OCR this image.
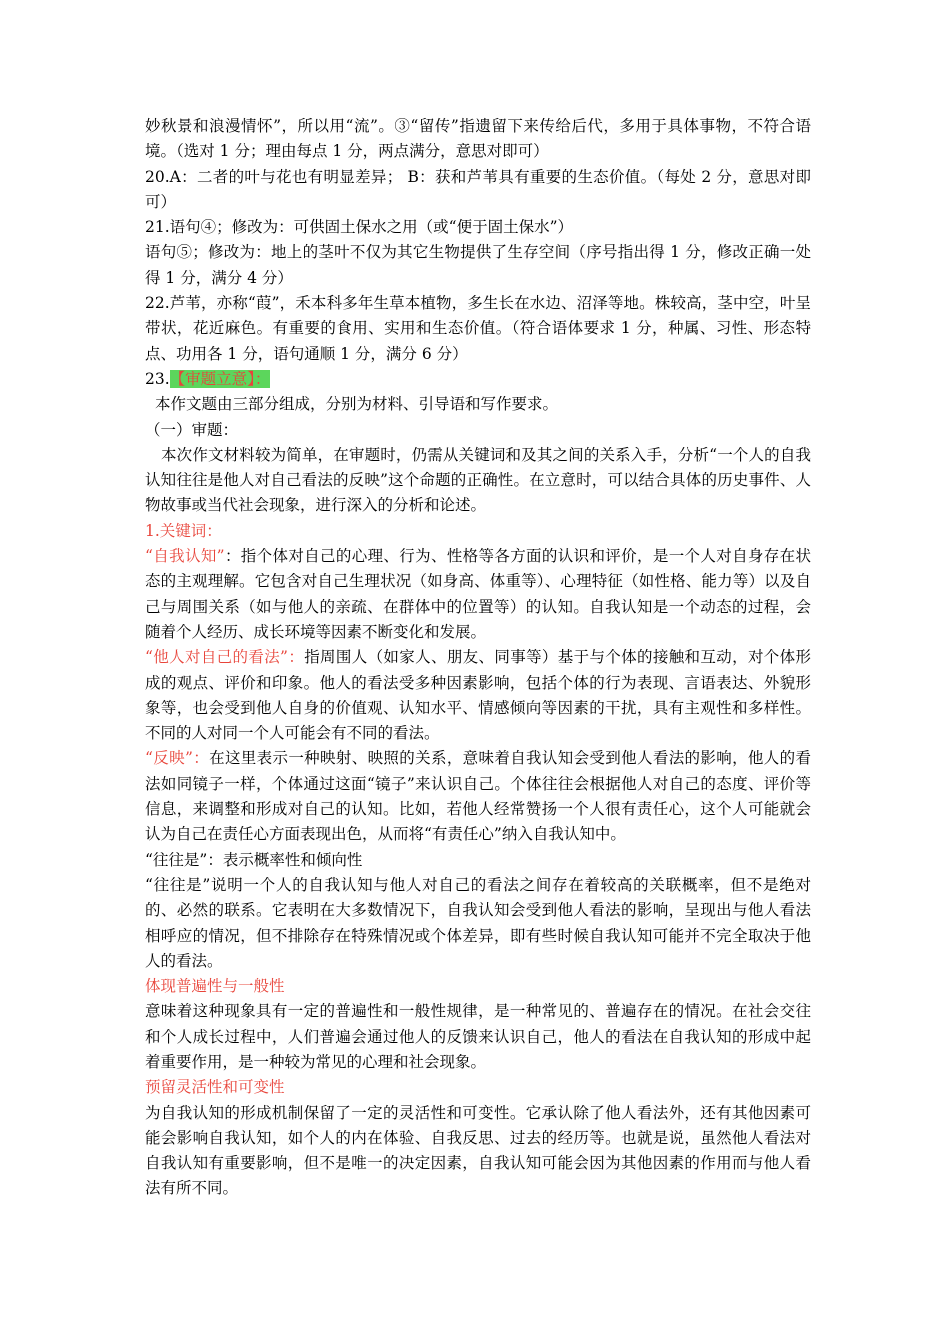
妙秋景和浪漫情怀”，所以用“流”。③“留传”指遗留下来传给后代，多用于具体事物，不符合语境。（选对 1 分；理由每点 1 分，两点满分，意思对即可）

20.A：二者的叶与花也有明显差异； B：获和芦苇具有重要的生态价值。（每处 2 分，意思对即可）

21.语句④；修改为：可供固土保水之用（或“便于固土保水”）

语句⑤；修改为：地上的茎叶不仅为其它生物提供了生存空间（序号指出得 1 分，修改正确一处得 1 分，满分 4 分）

22.芦苇，亦称“葭”，禾本科多年生草本植物，多生长在水边、沼泽等地。株较高，茎中空，叶呈带状，花近麻色。有重要的食用、实用和生态价值。（符合语体要求 1 分，种属、习性、形态特点、功用各 1 分，语句通顺 1 分，满分 6 分）

23.【审题立意】：

本作文题由三部分组成，分别为材料、引导语和写作要求。

（一）审题：

本次作文材料较为简单，在审题时，仍需从关键词和及其之间的关系入手，分析“一个人的自我认知往往是他人对自己看法的反映”这个命题的正确性。在立意时，可以结合具体的历史事件、人物故事或当代社会现象，进行深入的分析和论述。

1.关键词：

“自我认知”：指个体对自己的心理、行为、性格等各方面的认识和评价，是一个人对自身存在状态的主观理解。它包含对自己生理状况（如身高、体重等）、心理特征（如性格、能力等）以及自己与周围关系（如与他人的亲疏、在群体中的位置等）的认知。自我认知是一个动态的过程，会随着个人经历、成长环境等因素不断变化和发展。

“他人对自己的看法”：指周围人（如家人、朋友、同事等）基于与个体的接触和互动，对个体形成的观点、评价和印象。他人的看法受多种因素影响，包括个体的行为表现、言语表达、外貌形象等，也会受到他人自身的价值观、认知水平、情感倾向等因素的干扰，具有主观性和多样性。不同的人对同一个人可能会有不同的看法。

“反映”：在这里表示一种映射、映照的关系，意味着自我认知会受到他人看法的影响，他人的看法如同镜子一样，个体通过这面“镜子”来认识自己。个体往往会根据他人对自己的态度、评价等信息，来调整和形成对自己的认知。比如，若他人经常赞扬一个人很有责任心，这个人可能就会认为自己在责任心方面表现出色，从而将“有责任心”纳入自我认知中。

“往往是”：表示概率性和倾向性

“往往是”说明一个人的自我认知与他人对自己的看法之间存在着较高的关联概率，但不是绝对的、必然的联系。它表明在大多数情况下，自我认知会受到他人看法的影响，呈现出与他人看法相呼应的情况，但不排除存在特殊情况或个体差异，即有些时候自我认知可能并不完全取决于他人的看法。

体现普遍性与一般性

意味着这种现象具有一定的普遍性和一般性规律，是一种常见的、普遍存在的情况。在社会交往和个人成长过程中，人们普遍会通过他人的反馈来认识自己，他人的看法在自我认知的形成中起着重要作用，是一种较为常见的心理和社会现象。

预留灵活性和可变性

为自我认知的形成机制保留了一定的灵活性和可变性。它承认除了他人看法外，还有其他因素可能会影响自我认知，如个人的内在体验、自我反思、过去的经历等。也就是说，虽然他人看法对自我认知有重要影响，但不是唯一的决定因素，自我认知可能会因为其他因素的作用而与他人看法有所不同。
